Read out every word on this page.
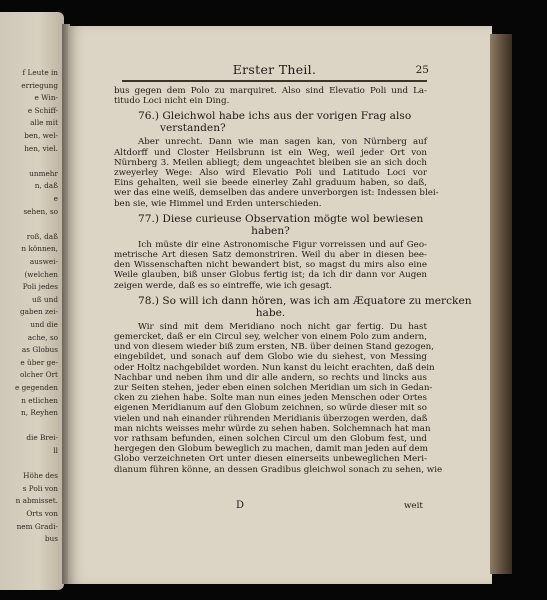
f Leute in
erriegung
e Win-
e Schiff-
alle mit
ben, wel-
hen, viel.
unmehr
n, daß
e
sehen, so
roß, daß
n können,
auswei-
(welchen
Poli jedes
uß und
gaben zei-
und die
ache, so
as Globus
e über ge-
olcher Ort
e gegenden
n etlichen
n, Reyhen
die Brei-
ll
Höhe des
s Poli von
n abmisset.
Orts von
nem Gradi-
bus
Erster Theil.	25
bus gegen dem Polo zu marquiret. Also sind Elevatio Poli und La-
titudo Loci nicht ein Ding.
76.) Gleichwol habe ichs aus der vorigen Frag also
verstanden?
Aber unrecht. Dann wie man sagen kan, von Nürnberg auf
Altdorff und Closter Heilsbrunn ist ein Weg, weil jeder Ort von
Nürnberg 3. Meilen abliegt; dem ungeachtet bleiben sie an sich doch
zweyerley Wege: Also wird Elevatio Poli und Latitudo Loci vor
Eins gehalten, weil sie beede einerley Zahl graduum haben, so daß,
wer das eine weiß, demselben das andere unverborgen ist: Indessen blei-
ben sie, wie Himmel und Erden unterschieden.
77.) Diese curieuse Observation mögte wol bewiesen
haben?
Ich müste dir eine Astronomische Figur vorreissen und auf Geo-
metrische Art diesen Satz demonstriren. Weil du aber in diesen bee-
den Wissenschaften nicht bewandert bist, so magst du mirs also eine
Weile glauben, biß unser Globus fertig ist; da ich dir dann vor Augen
zeigen werde, daß es so eintreffe, wie ich gesagt.
78.) So will ich dann hören, was ich am Æquatore zu mercken
habe.
Wir sind mit dem Meridiano noch nicht gar fertig. Du hast
gemercket, daß er ein Circul sey, welcher von einem Polo zum andern,
und von diesem wieder biß zum ersten, NB. über deinen Stand gezogen,
eingebildet, und sonach auf dem Globo wie du siehest, von Messing
oder Holtz nachgebildet worden. Nun kanst du leicht erachten, daß dein
Nachbar und neben ihm und dir alle andern, so rechts und lincks aus
zur Seiten stehen, jeder eben einen solchen Meridian um sich in Gedan-
cken zu ziehen habe. Solte man nun eines jeden Menschen oder Ortes
eigenen Meridianum auf den Globum zeichnen, so würde dieser mit so
vielen und nah einander rührenden Meridianis überzogen werden, daß
man nichts weisses mehr würde zu sehen haben. Solchemnach hat man
vor rathsam befunden, einen solchen Circul um den Globum fest, und
hergegen den Globum beweglich zu machen, damit man jeden auf dem
Globo verzeichneten Ort unter diesen einerseits unbeweglichen Meri-
dianum führen könne, an dessen Gradibus gleichwol sonach zu sehen, wie
D	weit
